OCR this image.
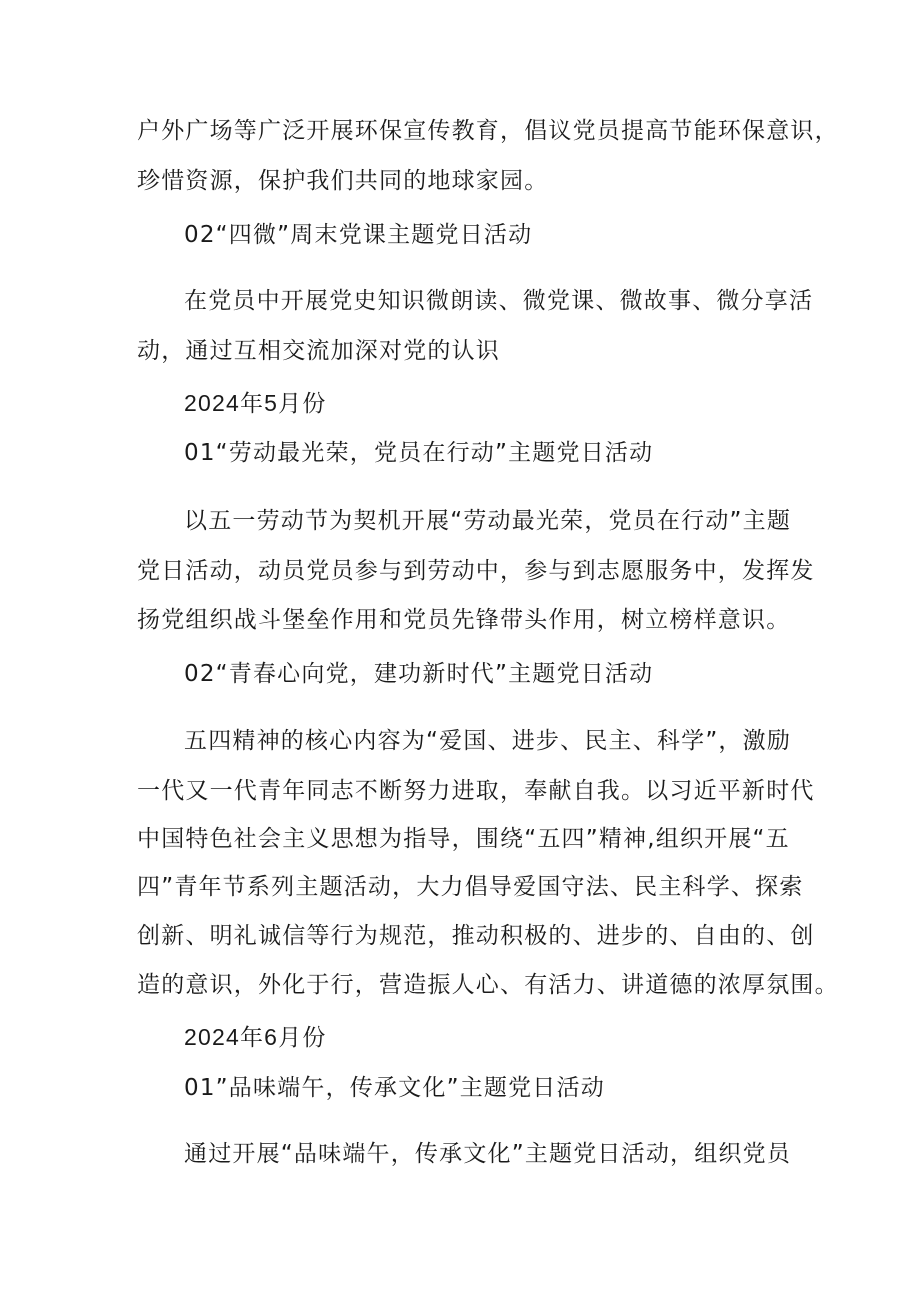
户外广场等广泛开展环保宣传教育，倡议党员提高节能环保意识，
珍惜资源，保护我们共同的地球家园。
02“四微”周末党课主题党日活动
在党员中开展党史知识微朗读、微党课、微故事、微分享活
动，通过互相交流加深对党的认识
2024年5月份
01“劳动最光荣，党员在行动”主题党日活动
以五一劳动节为契机开展“劳动最光荣，党员在行动”主题
党日活动，动员党员参与到劳动中，参与到志愿服务中，发挥发
扬党组织战斗堡垒作用和党员先锋带头作用，树立榜样意识。
02“青春心向党，建功新时代”主题党日活动
五四精神的核心内容为“爱国、进步、民主、科学”，激励
一代又一代青年同志不断努力进取，奉献自我。以习近平新时代
中国特色社会主义思想为指导，围绕“五四”精神,组织开展“五
四”青年节系列主题活动，大力倡导爱国守法、民主科学、探索
创新、明礼诚信等行为规范，推动积极的、进步的、自由的、创
造的意识，外化于行，营造振人心、有活力、讲道德的浓厚氛围。
2024年6月份
01”品味端午，传承文化”主题党日活动
通过开展“品味端午，传承文化”主题党日活动，组织党员
